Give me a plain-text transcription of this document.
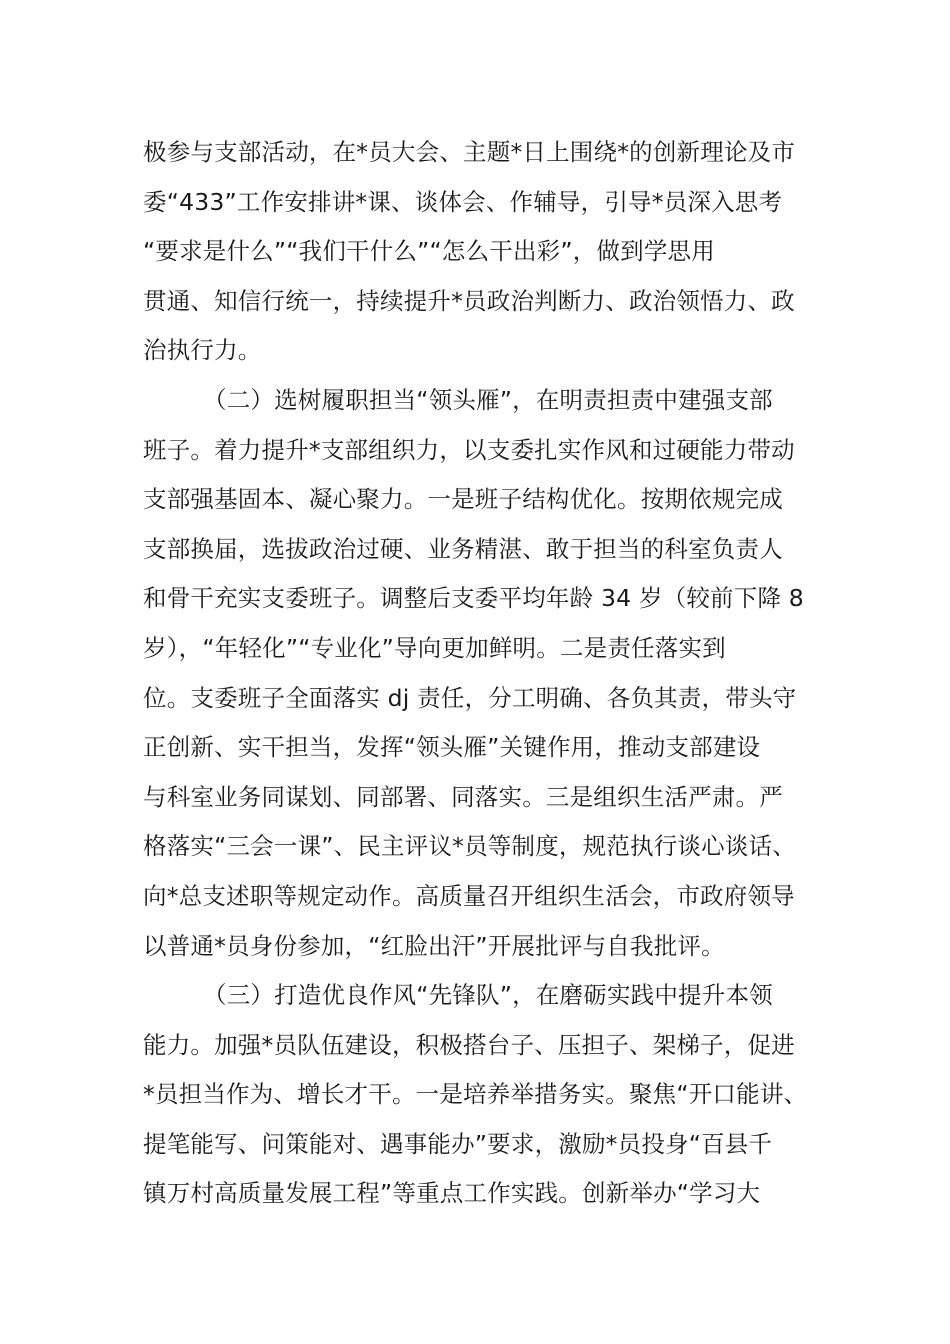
极参与支部活动，在*员大会、主题*日上围绕*的创新理论及市
委“433”工作安排讲*课、谈体会、作辅导，引导*员深入思考
“要求是什么”“我们干什么”“怎么干出彩”，做到学思用
贯通、知信行统一，持续提升*员政治判断力、政治领悟力、政
治执行力。
（二）选树履职担当“领头雁”，在明责担责中建强支部
班子。着力提升*支部组织力，以支委扎实作风和过硬能力带动
支部强基固本、凝心聚力。一是班子结构优化。按期依规完成
支部换届，选拔政治过硬、业务精湛、敢于担当的科室负责人
和骨干充实支委班子。调整后支委平均年龄 34 岁（较前下降 8
岁），“年轻化”“专业化”导向更加鲜明。二是责任落实到
位。支委班子全面落实 dj 责任，分工明确、各负其责，带头守
正创新、实干担当，发挥“领头雁”关键作用，推动支部建设
与科室业务同谋划、同部署、同落实。三是组织生活严肃。严
格落实“三会一课”、民主评议*员等制度，规范执行谈心谈话、
向*总支述职等规定动作。高质量召开组织生活会，市政府领导
以普通*员身份参加，“红脸出汗”开展批评与自我批评。
（三）打造优良作风“先锋队”，在磨砺实践中提升本领
能力。加强*员队伍建设，积极搭台子、压担子、架梯子，促进
*员担当作为、增长才干。一是培养举措务实。聚焦“开口能讲、
提笔能写、问策能对、遇事能办”要求，激励*员投身“百县千
镇万村高质量发展工程”等重点工作实践。创新举办“学习大
